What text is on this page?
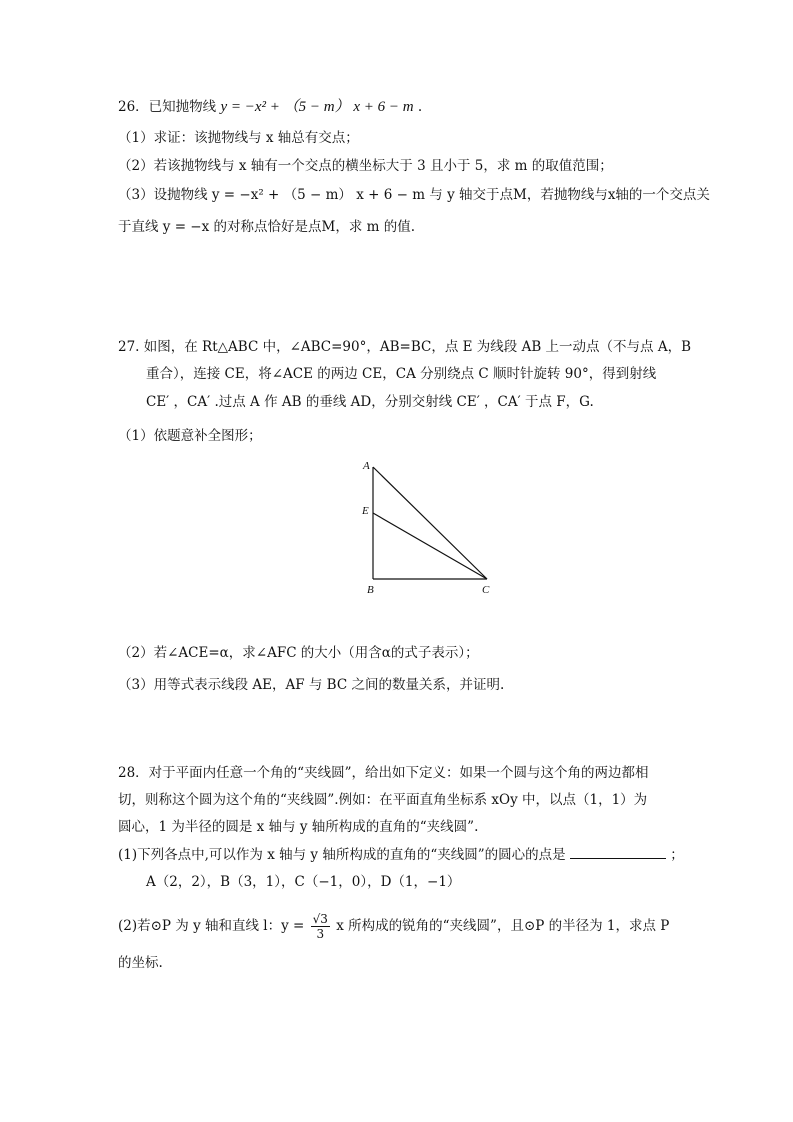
26．已知抛物线 y = −x² + （5 − m） x + 6 − m .
（1）求证：该抛物线与 x 轴总有交点；
（2）若该抛物线与 x 轴有一个交点的横坐标大于 3 且小于 5，求 m 的取值范围；
（3）设抛物线 y = −x² + （5 − m） x + 6 − m 与 y 轴交于点M，若抛物线与x轴的一个交点关
于直线 y = −x 的对称点恰好是点M，求 m 的值.
27. 如图，在 Rt△ABC 中，∠ABC=90°，AB=BC，点 E 为线段 AB 上一动点（不与点 A，B
重合），连接 CE，将∠ACE 的两边 CE，CA 分别绕点 C 顺时针旋转 90°，得到射线
CE′ ，CA′ .过点 A 作 AB 的垂线 AD，分别交射线 CE′ ，CA′ 于点 F，G.
（1）依题意补全图形；
A
E
B	C
（2）若∠ACE=α，求∠AFC 的大小（用含α的式子表示）；
（3）用等式表示线段 AE，AF 与 BC 之间的数量关系，并证明.
28．对于平面内任意一个角的“夹线圆”，给出如下定义：如果一个圆与这个角的两边都相
切，则称这个圆为这个角的“夹线圆”.例如：在平面直角坐标系 xOy 中，以点（1，1）为
圆心，1 为半径的圆是 x 轴与 y 轴所构成的直角的“夹线圆”.
(1)下列各点中,可以作为 x 轴与 y 轴所构成的直角的“夹线圆”的圆心的点是	；
A（2，2），B（3，1），C（−1，0），D（1，−1）
(2)若⊙P 为 y 轴和直线 l：$y = \frac{√3}{3}$ x 所构成的锐角的“夹线圆”，且⊙P 的半径为 1，求点 P
的坐标.
